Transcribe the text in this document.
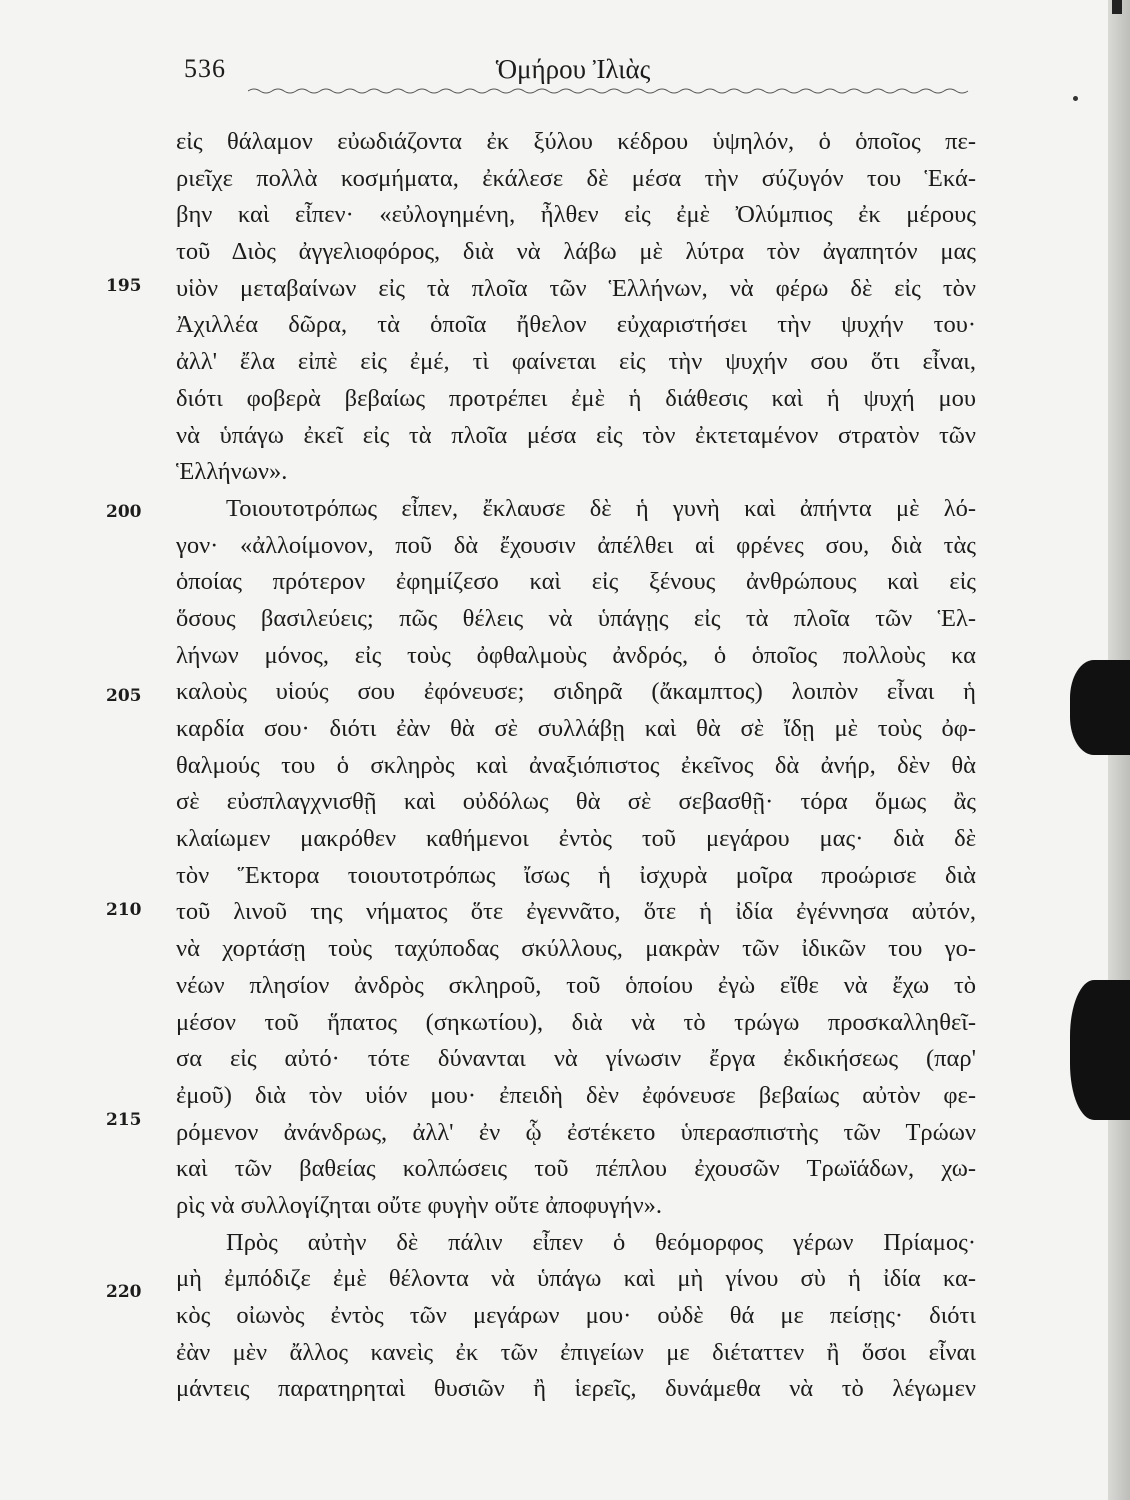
536	Ὁμήρου Ἰλιὰς
195
200
205
210
215
220
εἰς θάλαμον εὐωδιάζοντα ἐκ ξύλου κέδρου ὑψηλόν, ὁ ὁποῖος πε-
ριεῖχε πολλὰ κοσμήματα, ἐκάλεσε δὲ μέσα τὴν σύζυγόν του Ἑκά-
βην καὶ εἶπεν· «εὐλογημένη, ἦλθεν εἰς ἐμὲ Ὀλύμπιος ἐκ μέρους
τοῦ Διὸς ἀγγελιοφόρος, διὰ νὰ λάβω μὲ λύτρα τὸν ἀγαπητόν μας
υἱὸν μεταβαίνων εἰς τὰ πλοῖα τῶν Ἑλλήνων, νὰ φέρω δὲ εἰς τὸν
Ἀχιλλέα δῶρα, τὰ ὁποῖα ἤθελον εὐχαριστήσει τὴν ψυχήν του·
ἀλλ' ἔλα εἰπὲ εἰς ἐμέ, τὶ φαίνεται εἰς τὴν ψυχήν σου ὅτι εἶναι,
διότι φοβερὰ βεβαίως προτρέπει ἐμὲ ἡ διάθεσις καὶ ἡ ψυχή μου
νὰ ὑπάγω ἐκεῖ εἰς τὰ πλοῖα μέσα εἰς τὸν ἐκτεταμένον στρατὸν τῶν
Ἑλλήνων».
Τοιουτοτρόπως εἶπεν, ἔκλαυσε δὲ ἡ γυνὴ καὶ ἀπήντα μὲ λό-
γον· «ἀλλοίμονον, ποῦ δὰ ἔχουσιν ἀπέλθει αἱ φρένες σου, διὰ τὰς
ὁποίας πρότερον ἐφημίζεσο καὶ εἰς ξένους ἀνθρώπους καὶ εἰς
ὅσους βασιλεύεις; πῶς θέλεις νὰ ὑπάγῃς εἰς τὰ πλοῖα τῶν Ἑλ-
λήνων μόνος, εἰς τοὺς ὀφθαλμοὺς ἀνδρός, ὁ ὁποῖος πολλοὺς κα
καλοὺς υἱούς σου ἐφόνευσε; σιδηρᾶ (ἄκαμπτος) λοιπὸν εἶναι ἡ
καρδία σου· διότι ἐὰν θὰ σὲ συλλάβῃ καὶ θὰ σὲ ἴδῃ μὲ τοὺς ὀφ-
θαλμούς του ὁ σκληρὸς καὶ ἀναξιόπιστος ἐκεῖνος δὰ ἀνήρ, δὲν θὰ
σὲ εὐσπλαγχνισθῇ καὶ οὐδόλως θὰ σὲ σεβασθῇ· τόρα ὅμως ἂς
κλαίωμεν μακρόθεν καθήμενοι ἐντὸς τοῦ μεγάρου μας· διὰ δὲ
τὸν Ἕκτορα τοιουτοτρόπως ἴσως ἡ ἰσχυρὰ μοῖρα προώρισε διὰ
τοῦ λινοῦ της νήματος ὅτε ἐγεννᾶτο, ὅτε ἡ ἰδία ἐγέννησα αὐτόν,
νὰ χορτάσῃ τοὺς ταχύποδας σκύλλους, μακρὰν τῶν ἰδικῶν του γο-
νέων πλησίον ἀνδρὸς σκληροῦ, τοῦ ὁποίου ἐγὼ εἴθε νὰ ἔχω τὸ
μέσον τοῦ ἥπατος (σηκωτίου), διὰ νὰ τὸ τρώγω προσκαλληθεῖ-
σα εἰς αὐτό· τότε δύνανται νὰ γίνωσιν ἔργα ἐκδικήσεως (παρ'
ἐμοῦ) διὰ τὸν υἱόν μου· ἐπειδὴ δὲν ἐφόνευσε βεβαίως αὐτὸν φε-
ρόμενον ἀνάνδρως, ἀλλ' ἐν ᾧ ἐστέκετο ὑπερασπιστὴς τῶν Τρώων
καὶ τῶν βαθείας κολπώσεις τοῦ πέπλου ἐχουσῶν Τρωϊάδων, χω-
ρὶς νὰ συλλογίζηται οὔτε φυγὴν οὔτε ἀποφυγήν».
Πρὸς αὐτὴν δὲ πάλιν εἶπεν ὁ θεόμορφος γέρων Πρίαμος·
μὴ ἐμπόδιζε ἐμὲ θέλοντα νὰ ὑπάγω καὶ μὴ γίνου σὺ ἡ ἰδία κα-
κὸς οἰωνὸς ἐντὸς τῶν μεγάρων μου· οὐδὲ θά με πείσῃς· διότι
ἐὰν μὲν ἄλλος κανεὶς ἐκ τῶν ἐπιγείων με διέταττεν ἢ ὅσοι εἶναι
μάντεις παρατηρηταὶ θυσιῶν ἢ ἱερεῖς, δυνάμεθα νὰ τὸ λέγωμεν
